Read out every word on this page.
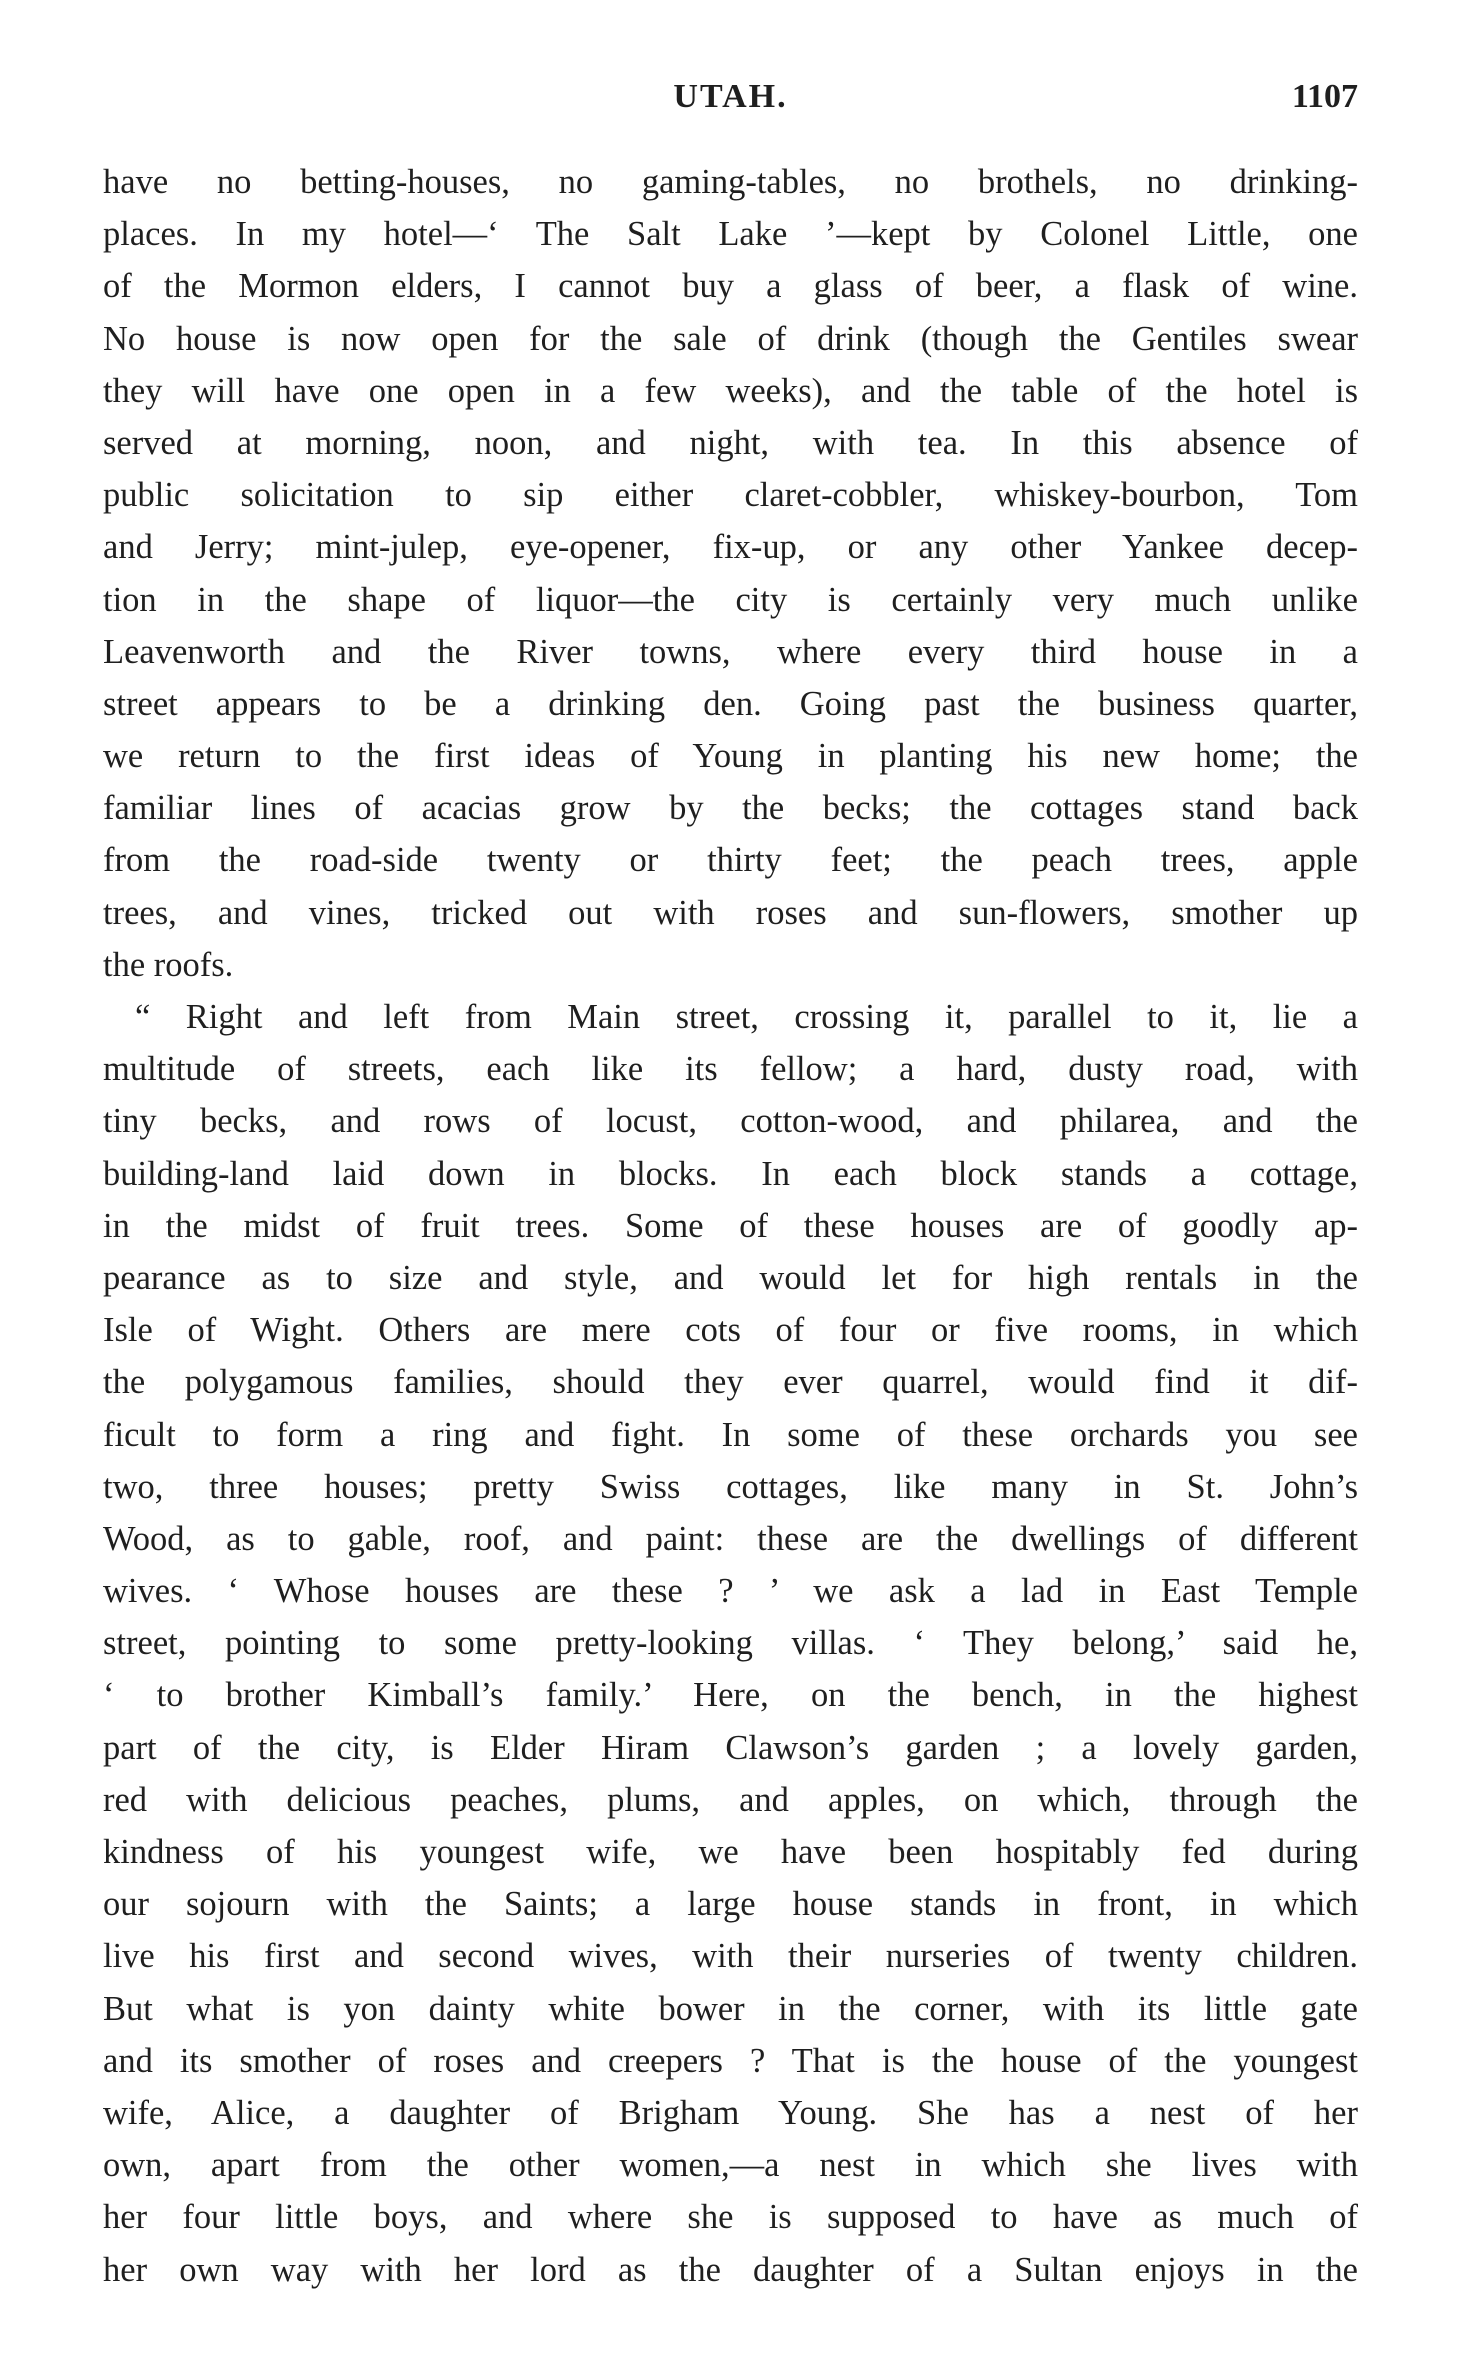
UTAH.	1107
have no betting-houses, no gaming-tables, no brothels, no drinking-
places. In my hotel—‘ The Salt Lake ’—kept by Colonel Little, one
of the Mormon elders, I cannot buy a glass of beer, a flask of wine.
No house is now open for the sale of drink (though the Gentiles swear
they will have one open in a few weeks), and the table of the hotel is
served at morning, noon, and night, with tea. In this absence of
public solicitation to sip either claret-cobbler, whiskey-bourbon, Tom
and Jerry; mint-julep, eye-opener, fix-up, or any other Yankee decep-
tion in the shape of liquor—the city is certainly very much unlike
Leavenworth and the River towns, where every third house in a
street appears to be a drinking den. Going past the business quarter,
we return to the first ideas of Young in planting his new home; the
familiar lines of acacias grow by the becks; the cottages stand back
from the road-side twenty or thirty feet; the peach trees, apple
trees, and vines, tricked out with roses and sun-flowers, smother up
the roofs.
“ Right and left from Main street, crossing it, parallel to it, lie a
multitude of streets, each like its fellow; a hard, dusty road, with
tiny becks, and rows of locust, cotton-wood, and philarea, and the
building-land laid down in blocks. In each block stands a cottage,
in the midst of fruit trees. Some of these houses are of goodly ap-
pearance as to size and style, and would let for high rentals in the
Isle of Wight. Others are mere cots of four or five rooms, in which
the polygamous families, should they ever quarrel, would find it dif-
ficult to form a ring and fight. In some of these orchards you see
two, three houses; pretty Swiss cottages, like many in St. John’s
Wood, as to gable, roof, and paint: these are the dwellings of different
wives. ‘ Whose houses are these ? ’ we ask a lad in East Temple
street, pointing to some pretty-looking villas. ‘ They belong,’ said he,
‘ to brother Kimball’s family.’ Here, on the bench, in the highest
part of the city, is Elder Hiram Clawson’s garden ; a lovely garden,
red with delicious peaches, plums, and apples, on which, through the
kindness of his youngest wife, we have been hospitably fed during
our sojourn with the Saints; a large house stands in front, in which
live his first and second wives, with their nurseries of twenty children.
But what is yon dainty white bower in the corner, with its little gate
and its smother of roses and creepers ? That is the house of the youngest
wife, Alice, a daughter of Brigham Young. She has a nest of her
own, apart from the other women,—a nest in which she lives with
her four little boys, and where she is supposed to have as much of
her own way with her lord as the daughter of a Sultan enjoys in the
